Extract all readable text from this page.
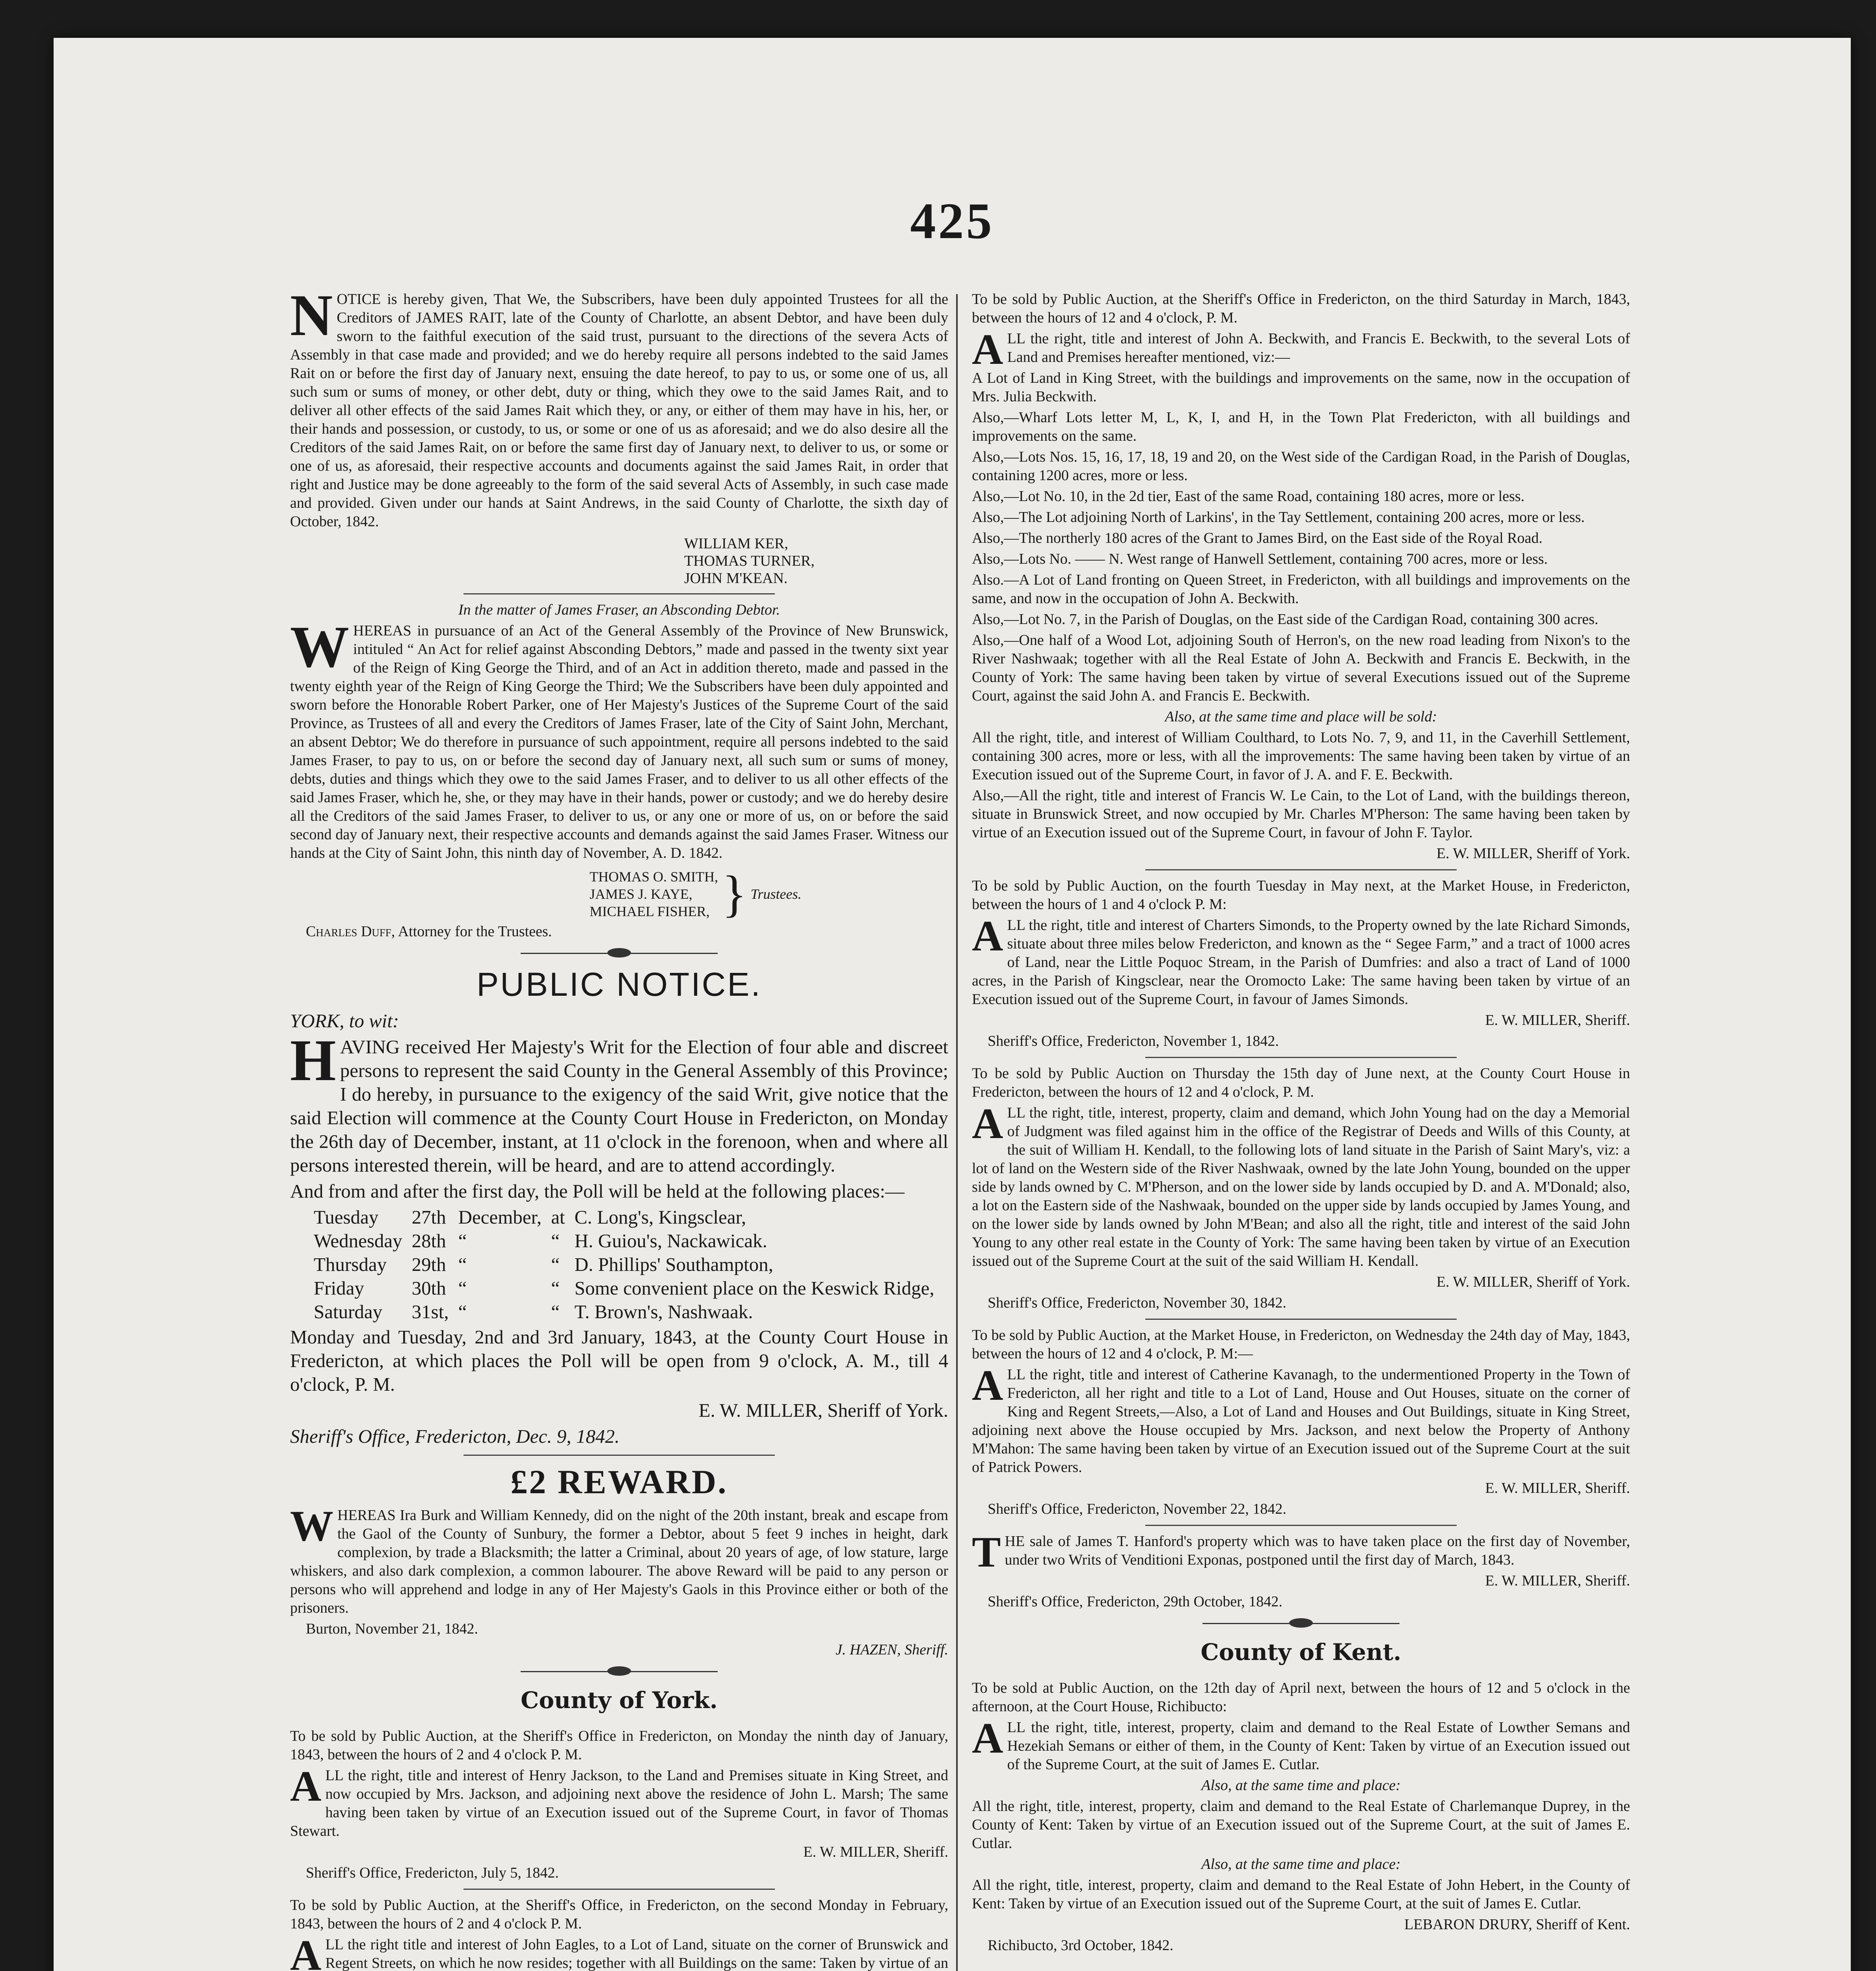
425

NOTICE is hereby given, That We, the Subscribers, have been duly appointed Trustees for all the Creditors of JAMES RAIT, late of the County of Charlotte, an absent Debtor, and have been duly sworn to the faithful execution of the said trust, pursuant to the directions of the severa Acts of Assembly in that case made and provided; and we do hereby require all persons indebted to the said James Rait on or before the first day of January next, ensuing the date hereof, to pay to us, or some one of us, all such sum or sums of money, or other debt, duty or thing, which they owe to the said James Rait, and to deliver all other effects of the said James Rait which they, or any, or either of them may have in his, her, or their hands and possession, or custody, to us, or some or one of us as aforesaid; and we do also desire all the Creditors of the said James Rait, on or before the same first day of January next, to deliver to us, or some or one of us, as aforesaid, their respective accounts and documents against the said James Rait, in order that right and Justice may be done agreeably to the form of the said several Acts of Assembly, in such case made and provided. Given under our hands at Saint Andrews, in the said County of Charlotte, the sixth day of October, 1842.

WILLIAM KER,
THOMAS TURNER,
JOHN M'KEAN.

In the matter of James Fraser, an Absconding Debtor.

WHEREAS in pursuance of an Act of the General Assembly of the Province of New Brunswick, intituled “ An Act for relief against Absconding Debtors,” made and passed in the twenty sixt year of the Reign of King George the Third, and of an Act in addition thereto, made and passed in the twenty eighth year of the Reign of King George the Third; We the Subscribers have been duly appointed and sworn before the Honorable Robert Parker, one of Her Majesty's Justices of the Supreme Court of the said Province, as Trustees of all and every the Creditors of James Fraser, late of the City of Saint John, Merchant, an absent Debtor; We do therefore in pursuance of such appointment, require all persons indebted to the said James Fraser, to pay to us, on or before the second day of January next, all such sum or sums of money, debts, duties and things which they owe to the said James Fraser, and to deliver to us all other effects of the said James Fraser, which he, she, or they may have in their hands, power or custody; and we do hereby desire all the Creditors of the said James Fraser, to deliver to us, or any one or more of us, on or before the said second day of January next, their respective accounts and demands against the said James Fraser. Witness our hands at the City of Saint John, this ninth day of November, A. D. 1842.

THOMAS O. SMITH,
JAMES J. KAYE,
MICHAEL FISHER, } Trustees.

Charles Duff, Attorney for the Trustees.

PUBLIC NOTICE.

YORK, to wit:

HAVING received Her Majesty's Writ for the Election of four able and discreet persons to represent the said County in the General Assembly of this Province; I do hereby, in pursuance to the exigency of the said Writ, give notice that the said Election will commence at the County Court House in Fredericton, on Monday the 26th day of December, instant, at 11 o'clock in the forenoon, when and where all persons interested therein, will be heard, and are to attend accordingly.

And from and after the first day, the Poll will be held at the following places:—

Tuesday	27th	December,	at	C. Long's, Kingsclear,
Wednesday	28th	“	“	H. Guiou's, Nackawicak.
Thursday	29th	“	“	D. Phillips' Southampton,
Friday	30th	“	“	Some convenient place on the Keswick Ridge,
Saturday	31st,	“	“	T. Brown's, Nashwaak.

Monday and Tuesday, 2nd and 3rd January, 1843, at the County Court House in Fredericton, at which places the Poll will be open from 9 o'clock, A. M., till 4 o'clock, P. M.

E. W. MILLER, Sheriff of York.

Sheriff's Office, Fredericton, Dec. 9, 1842.

£2 REWARD.

WHEREAS Ira Burk and William Kennedy, did on the night of the 20th instant, break and escape from the Gaol of the County of Sunbury, the former a Debtor, about 5 feet 9 inches in height, dark complexion, by trade a Blacksmith; the latter a Criminal, about 20 years of age, of low stature, large whiskers, and also dark complexion, a common labourer. The above Reward will be paid to any person or persons who will apprehend and lodge in any of Her Majesty's Gaols in this Province either or both of the prisoners.

Burton, November 21, 1842.

J. HAZEN, Sheriff.

County of York.

To be sold by Public Auction, at the Sheriff's Office in Fredericton, on Monday the ninth day of January, 1843, between the hours of 2 and 4 o'clock P. M.

ALL the right, title and interest of Henry Jackson, to the Land and Premises situate in King Street, and now occupied by Mrs. Jackson, and adjoining next above the residence of John L. Marsh; The same having been taken by virtue of an Execution issued out of the Supreme Court, in favor of Thomas Stewart.

E. W. MILLER, Sheriff.

Sheriff's Office, Fredericton, July 5, 1842.

To be sold by Public Auction, at the Sheriff's Office, in Fredericton, on the second Monday in February, 1843, between the hours of 2 and 4 o'clock P. M.

ALL the right title and interest of John Eagles, to a Lot of Land, situate on the corner of Brunswick and Regent Streets, on which he now resides; together with all Buildings on the same: Taken by virtue of an

To be sold by Public Auction, at the Sheriff's Office in Fredericton, on the third Saturday in March, 1843, between the hours of 12 and 4 o'clock, P. M.

ALL the right, title and interest of John A. Beckwith, and Francis E. Beckwith, to the several Lots of Land and Premises hereafter mentioned, viz:—

A Lot of Land in King Street, with the buildings and improvements on the same, now in the occupation of Mrs. Julia Beckwith.

Also,—Wharf Lots letter M, L, K, I, and H, in the Town Plat Fredericton, with all buildings and improvements on the same.

Also,—Lots Nos. 15, 16, 17, 18, 19 and 20, on the West side of the Cardigan Road, in the Parish of Douglas, containing 1200 acres, more or less.

Also,—Lot No. 10, in the 2d tier, East of the same Road, containing 180 acres, more or less.

Also,—The Lot adjoining North of Larkins', in the Tay Settlement, containing 200 acres, more or less.

Also,—The northerly 180 acres of the Grant to James Bird, on the East side of the Royal Road.

Also,—Lots No. —— N. West range of Hanwell Settlement, containing 700 acres, more or less.

Also.—A Lot of Land fronting on Queen Street, in Fredericton, with all buildings and improvements on the same, and now in the occupation of John A. Beckwith.

Also,—Lot No. 7, in the Parish of Douglas, on the East side of the Cardigan Road, containing 300 acres.

Also,—One half of a Wood Lot, adjoining South of Herron's, on the new road leading from Nixon's to the River Nashwaak; together with all the Real Estate of John A. Beckwith and Francis E. Beckwith, in the County of York: The same having been taken by virtue of several Executions issued out of the Supreme Court, against the said John A. and Francis E. Beckwith.

Also, at the same time and place will be sold:

All the right, title, and interest of William Coulthard, to Lots No. 7, 9, and 11, in the Caverhill Settlement, containing 300 acres, more or less, with all the improvements: The same having been taken by virtue of an Execution issued out of the Supreme Court, in favor of J. A. and F. E. Beckwith.

Also,—All the right, title and interest of Francis W. Le Cain, to the Lot of Land, with the buildings thereon, situate in Brunswick Street, and now occupied by Mr. Charles M'Pherson: The same having been taken by virtue of an Execution issued out of the Supreme Court, in favour of John F. Taylor.

E. W. MILLER, Sheriff of York.

To be sold by Public Auction, on the fourth Tuesday in May next, at the Market House, in Fredericton, between the hours of 1 and 4 o'clock P. M:

ALL the right, title and interest of Charters Simonds, to the Property owned by the late Richard Simonds, situate about three miles below Fredericton, and known as the “ Segee Farm,” and a tract of 1000 acres of Land, near the Little Poquoc Stream, in the Parish of Dumfries: and also a tract of Land of 1000 acres, in the Parish of Kingsclear, near the Oromocto Lake: The same having been taken by virtue of an Execution issued out of the Supreme Court, in favour of James Simonds.

E. W. MILLER, Sheriff.

Sheriff's Office, Fredericton, November 1, 1842.

To be sold by Public Auction on Thursday the 15th day of June next, at the County Court House in Fredericton, between the hours of 12 and 4 o'clock, P. M.

ALL the right, title, interest, property, claim and demand, which John Young had on the day a Memorial of Judgment was filed against him in the office of the Registrar of Deeds and Wills of this County, at the suit of William H. Kendall, to the following lots of land situate in the Parish of Saint Mary's, viz: a lot of land on the Western side of the River Nashwaak, owned by the late John Young, bounded on the upper side by lands owned by C. M'Pherson, and on the lower side by lands occupied by D. and A. M'Donald; also, a lot on the Eastern side of the Nashwaak, bounded on the upper side by lands occupied by James Young, and on the lower side by lands owned by John M'Bean; and also all the right, title and interest of the said John Young to any other real estate in the County of York: The same having been taken by virtue of an Execution issued out of the Supreme Court at the suit of the said William H. Kendall.

E. W. MILLER, Sheriff of York.

Sheriff's Office, Fredericton, November 30, 1842.

To be sold by Public Auction, at the Market House, in Fredericton, on Wednesday the 24th day of May, 1843, between the hours of 12 and 4 o'clock, P. M:—

ALL the right, title and interest of Catherine Kavanagh, to the undermentioned Property in the Town of Fredericton, all her right and title to a Lot of Land, House and Out Houses, situate on the corner of King and Regent Streets,—Also, a Lot of Land and Houses and Out Buildings, situate in King Street, adjoining next above the House occupied by Mrs. Jackson, and next below the Property of Anthony M'Mahon: The same having been taken by virtue of an Execution issued out of the Supreme Court at the suit of Patrick Powers.

E. W. MILLER, Sheriff.

Sheriff's Office, Fredericton, November 22, 1842.

THE sale of James T. Hanford's property which was to have taken place on the first day of November, under two Writs of Venditioni Exponas, postponed until the first day of March, 1843.

E. W. MILLER, Sheriff.

Sheriff's Office, Fredericton, 29th October, 1842.

County of Kent.

To be sold at Public Auction, on the 12th day of April next, between the hours of 12 and 5 o'clock in the afternoon, at the Court House, Richibucto:

ALL the right, title, interest, property, claim and demand to the Real Estate of Lowther Semans and Hezekiah Semans or either of them, in the County of Kent: Taken by virtue of an Execution issued out of the Supreme Court, at the suit of James E. Cutlar.

Also, at the same time and place:

All the right, title, interest, property, claim and demand to the Real Estate of Charlemanque Duprey, in the County of Kent: Taken by virtue of an Execution issued out of the Supreme Court, at the suit of James E. Cutlar.

Also, at the same time and place:

All the right, title, interest, property, claim and demand to the Real Estate of John Hebert, in the County of Kent: Taken by virtue of an Execution issued out of the Supreme Court, at the suit of James E. Cutlar.

LEBARON DRURY, Sheriff of Kent.

Richibucto, 3rd October, 1842.
